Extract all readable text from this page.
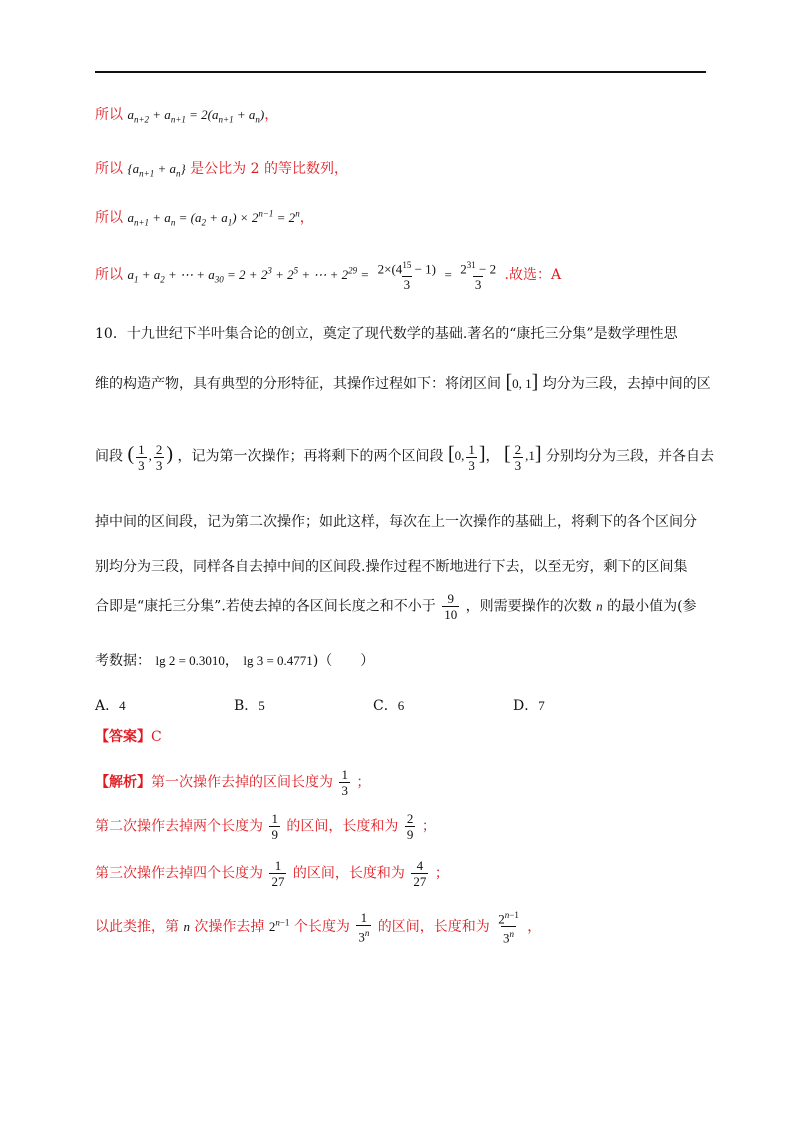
所以 $a_{n+2} + a_{n+1} = 2(a_{n+1} + a_n)$，
所以 $\{a_{n+1} + a_n\}$ 是公比为 2 的等比数列，
所以 $a_{n+1} + a_n = (a_2 + a_1) \times 2^{n-1} = 2^n$，
所以 $a_1 + a_2$ + ⋯ + $a_{30} = 2 + 2^3 + 2^5$ + ⋯ + $2^{29} = \frac{2\times(4^{15} - 1)}{3} = \frac{2^{31} - 2}{3}$ .故选：A
10．十九世纪下半叶集合论的创立，奠定了现代数学的基础.著名的“康托三分集”是数学理性思
维的构造产物，具有典型的分形特征，其操作过程如下：将闭区间 [0, 1] 均分为三段，去掉中间的区
间段 ( $\frac{1}{3}$ , $\frac{2}{3}$ ) ，记为第一次操作；再将剩下的两个区间段 [0, $\frac{1}{3}$ ]， [ $\frac{2}{3} ,1$] 分别均分为三段，并各自去
掉中间的区间段，记为第二次操作；如此这样，每次在上一次操作的基础上，将剩下的各个区间分
别均分为三段，同样各自去掉中间的区间段.操作过程不断地进行下去，以至无穷，剩下的区间集
合即是“康托三分集”.若使去掉的各区间长度之和不小于 $\frac{9}{10}$ ，则需要操作的次数 n 的最小值为(参
考数据： lg 2 = 0.3010， lg 3 = 0.4771)（　　）
A．4	B．5	C．6	D．7
【答案】C
【解析】第一次操作去掉的区间长度为 $\frac{1}{3}$ ；
第二次操作去掉两个长度为 $\frac{1}{9}$ 的区间，长度和为 $\frac{2}{9}$ ；
第三次操作去掉四个长度为 $\frac{1}{27}$ 的区间，长度和为 $\frac{4}{27}$ ；
以此类推，第 n 次操作去掉 $2^{n-1}$ 个长度为 $\frac{1}{3^n}$ 的区间，长度和为 $\frac{2^{n-1}}{3^n}$ ，
